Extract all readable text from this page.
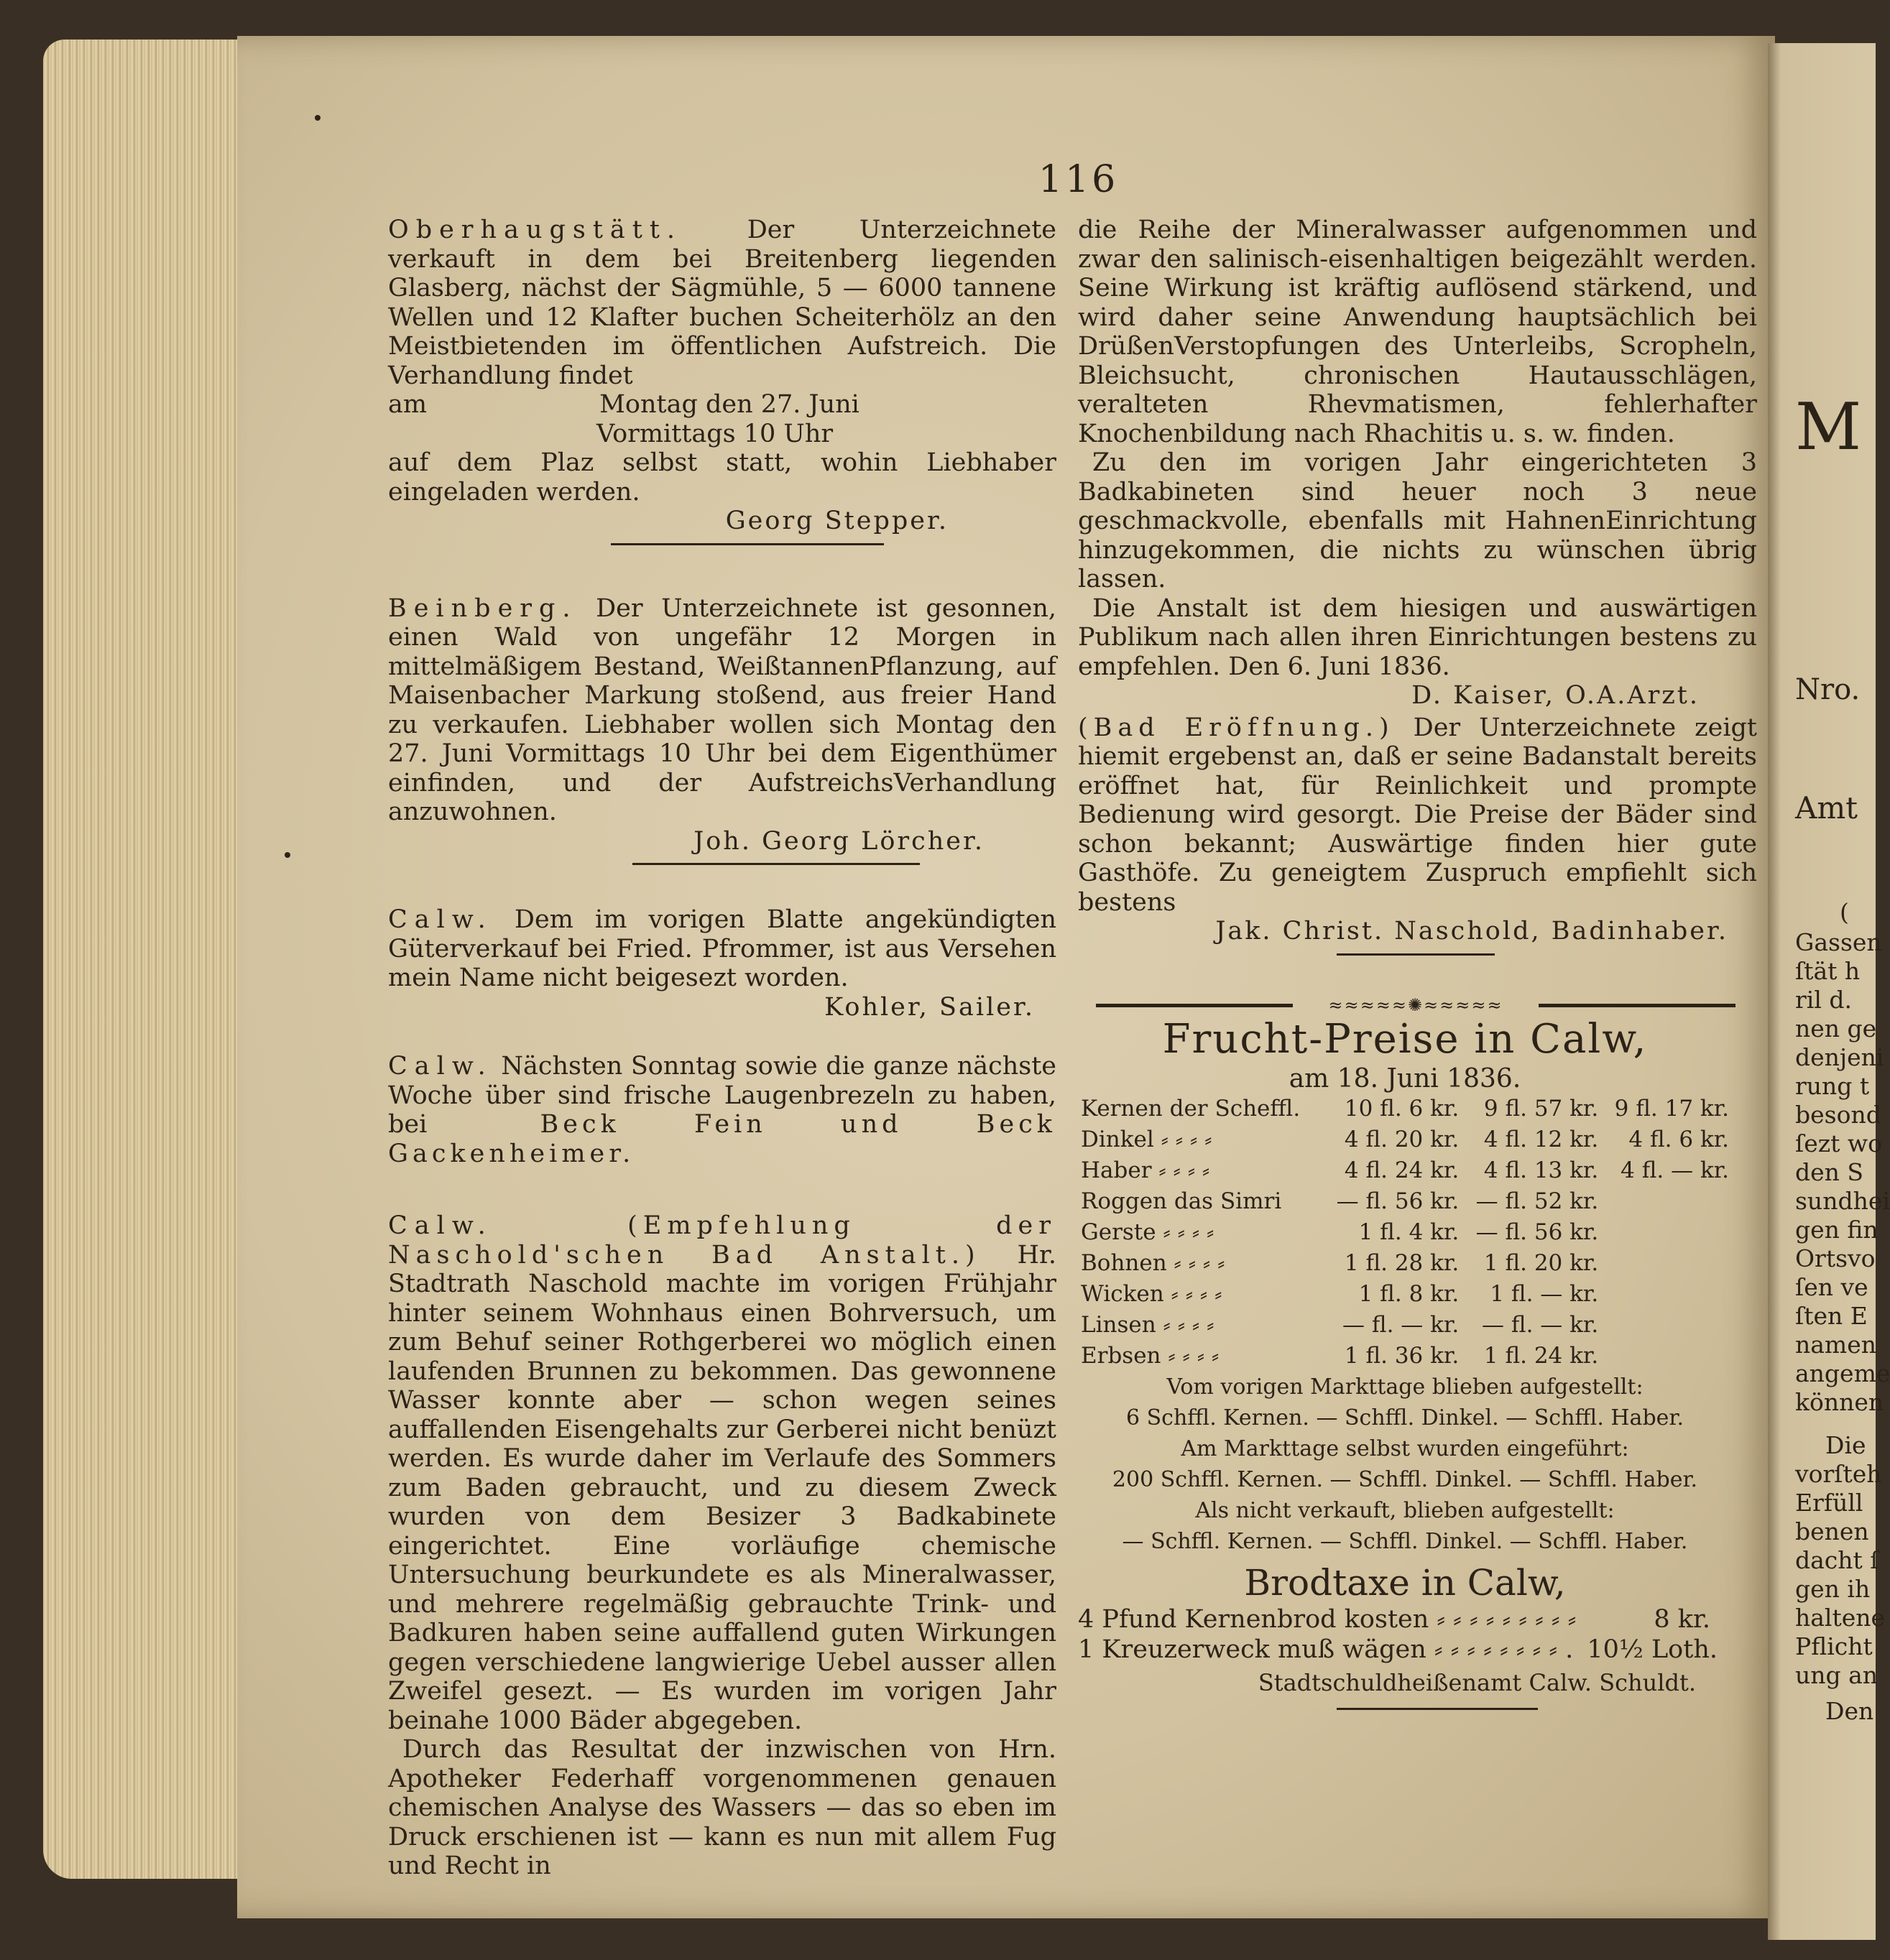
M
Nro.
Amt
(
Gassen
ſtät h
ril d.
nen ge
denjeni
rung t
besond
ſezt wo
den S
sundhei
gen fin
Ortsvo
ſen ve
ſten E
namen
angeme
können
Die
vorſteh
Erfüll
benen
dacht ſ
gen ih
haltene
Pflicht
ung an
Den
116

Oberhaugstätt.	Der Unterzeichnete verkauft in dem bei Breitenberg liegenden Glasberg, nächst der Sägmühle, 5 — 6000 tannene Wellen und 12 Klafter buchen Scheiterhölz an den Meistbietenden im öffentlichen Aufstreich. Die Verhandlung findet

am	Montag den 27. Juni
Vormittags 10 Uhr

auf dem Plaz selbst statt, wohin Liebhaber eingeladen werden.

Georg Stepper.

Beinberg. Der Unterzeichnete ist gesonnen, einen Wald von ungefähr 12 Morgen in mittelmäßigem Bestand, WeißtannenPflanzung, auf Maisenbacher Markung stoßend, aus freier Hand zu verkaufen. Liebhaber wollen sich Montag den 27. Juni Vormittags 10 Uhr bei dem Eigenthümer einfinden, und der AufstreichsVerhandlung anzuwohnen.

Joh. Georg Lörcher.

Calw. Dem im vorigen Blatte angekündigten Güterverkauf bei Fried. Pfrommer, ist aus Versehen mein Name nicht beigesezt worden.

Kohler, Sailer.

Calw. Nächsten Sonntag sowie die ganze nächste Woche über sind frische Laugenbrezeln zu haben, bei	Beck Fein und Beck Gackenheimer.

Calw.	(Empfehlung der Naschold'schen Bad Anstalt.) Hr. Stadtrath Naschold machte im vorigen Frühjahr hinter seinem Wohnhaus einen Bohrversuch, um zum Behuf seiner Rothgerberei wo möglich einen laufenden Brunnen zu bekommen. Das gewonnene Wasser konnte aber — schon wegen seines auffallenden Eisengehalts zur Gerberei nicht benüzt werden. Es wurde daher im Verlaufe des Sommers zum Baden gebraucht, und zu diesem Zweck wurden von dem Besizer 3 Badkabinete eingerichtet. Eine vorläufige chemische Untersuchung beurkundete es als Mineralwasser, und mehrere regelmäßig gebrauchte Trink- und Badkuren haben seine auffallend guten Wirkungen gegen verschiedene langwierige Uebel ausser allen Zweifel gesezt. — Es wurden im vorigen Jahr beinahe 1000 Bäder abgegeben.

Durch das Resultat der inzwischen von Hrn. Apotheker Federhaff vorgenommenen genauen chemischen Analyse des Wassers — das so eben im Druck erschienen ist — kann es nun mit allem Fug und Recht in

die Reihe der Mineralwasser aufgenommen und zwar den salinisch-eisenhaltigen beigezählt werden. Seine Wirkung ist kräftig auflösend stärkend, und wird daher seine Anwendung hauptsächlich bei DrüßenVerstopfungen des Unterleibs, Scropheln, Bleichsucht, chronischen Hautausschlägen, veralteten Rhevmatismen, fehlerhafter Knochenbildung nach Rhachitis u. s. w. finden.

Zu den im vorigen Jahr eingerichteten 3 Badkabineten sind heuer noch 3 neue geschmackvolle, ebenfalls mit HahnenEinrichtung hinzugekommen, die nichts zu wünschen übrig lassen.

Die Anstalt ist dem hiesigen und auswärtigen Publikum nach allen ihren Einrichtungen bestens zu empfehlen. Den 6. Juni 1836.

D. Kaiser, O.A.Arzt.

(Bad Eröffnung.) Der Unterzeichnete zeigt hiemit ergebenst an, daß er seine Badanstalt bereits eröffnet hat, für Reinlichkeit und prompte Bedienung wird gesorgt. Die Preise der Bäder sind schon bekannt; Auswärtige finden hier gute Gasthöfe. Zu geneigtem Zuspruch empfiehlt sich bestens

Jak. Christ. Naschold, Badinhaber.
≈≈≈≈≈✺≈≈≈≈≈
Frucht-Preise in Calw,
am 18. Juni 1836.
Kernen der Scheffl.	10 fl. 6 kr.	9 fl. 57 kr.	9 fl. 17 kr.
Dinkel ⸗ ⸗ ⸗ ⸗	4 fl. 20 kr.	4 fl. 12 kr.	4 fl. 6 kr.
Haber ⸗ ⸗ ⸗ ⸗	4 fl. 24 kr.	4 fl. 13 kr.	4 fl. — kr.
Roggen das Simri	— fl. 56 kr.	— fl. 52 kr.	
Gerste ⸗ ⸗ ⸗ ⸗	1 fl. 4 kr.	— fl. 56 kr.	
Bohnen ⸗ ⸗ ⸗ ⸗	1 fl. 28 kr.	1 fl. 20 kr.	
Wicken ⸗ ⸗ ⸗ ⸗	1 fl. 8 kr.	1 fl. — kr.	
Linsen ⸗ ⸗ ⸗ ⸗	— fl. — kr.	— fl. — kr.	
Erbsen ⸗ ⸗ ⸗ ⸗	1 fl. 36 kr.	1 fl. 24 kr.	
Vom vorigen Markttage blieben aufgestellt:
6 Schffl. Kernen. — Schffl. Dinkel. — Schffl. Haber.
Am Markttage selbst wurden eingeführt:
200 Schffl. Kernen. — Schffl. Dinkel. — Schffl. Haber.
Als nicht verkauft, blieben aufgestellt:
— Schffl. Kernen. — Schffl. Dinkel. — Schffl. Haber.
Brodtaxe in Calw,
4 Pfund Kernenbrod kosten ⸗ ⸗ ⸗ ⸗ ⸗ ⸗ ⸗ ⸗ ⸗	8 kr.
1 Kreuzerweck muß wägen ⸗ ⸗ ⸗ ⸗ ⸗ ⸗ ⸗ ⸗ . 10½ Loth.
Stadtschuldheißenamt Calw. Schuldt.
